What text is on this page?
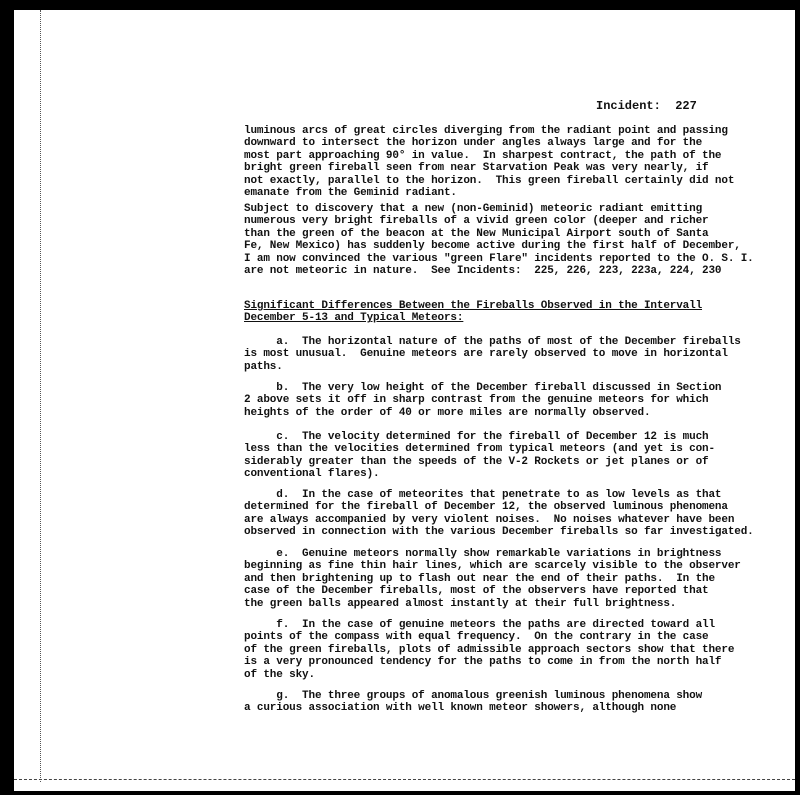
Incident: 227

luminous arcs of great circles diverging from the radiant point and passing
downward to intersect the horizon under angles always large and for the
most part approaching 90° in value.  In sharpest contract, the path of the
bright green fireball seen from near Starvation Peak was very nearly, if
not exactly, parallel to the horizon.  This green fireball certainly did not
emanate from the Geminid radiant.

Subject to discovery that a new (non-Geminid) meteoric radiant emitting
numerous very bright fireballs of a vivid green color (deeper and richer
than the green of the beacon at the New Municipal Airport south of Santa
Fe, New Mexico) has suddenly become active during the first half of December,
I am now convinced the various "green Flare" incidents reported to the O. S. I.
are not meteoric in nature.  See Incidents:  225, 226, 223, 223a, 224, 230

Significant Differences Between the Fireballs Observed in the Intervall
December 5-13 and Typical Meteors:

a.  The horizontal nature of the paths of most of the December fireballs
is most unusual.  Genuine meteors are rarely observed to move in horizontal
paths.

b.  The very low height of the December fireball discussed in Section
2 above sets it off in sharp contrast from the genuine meteors for which
heights of the order of 40 or more miles are normally observed.

c.  The velocity determined for the fireball of December 12 is much
less than the velocities determined from typical meteors (and yet is con-
siderably greater than the speeds of the V-2 Rockets or jet planes or of
conventional flares).

d.  In the case of meteorites that penetrate to as low levels as that
determined for the fireball of December 12, the observed luminous phenomena
are always accompanied by very violent noises.  No noises whatever have been
observed in connection with the various December fireballs so far investigated.

e.  Genuine meteors normally show remarkable variations in brightness
beginning as fine thin hair lines, which are scarcely visible to the observer
and then brightening up to flash out near the end of their paths.  In the
case of the December fireballs, most of the observers have reported that
the green balls appeared almost instantly at their full brightness.

f.  In the case of genuine meteors the paths are directed toward all
points of the compass with equal frequency.  On the contrary in the case
of the green fireballs, plots of admissible approach sectors show that there
is a very pronounced tendency for the paths to come in from the north half
of the sky.

g.  The three groups of anomalous greenish luminous phenomena show
a curious association with well known meteor showers, although none
